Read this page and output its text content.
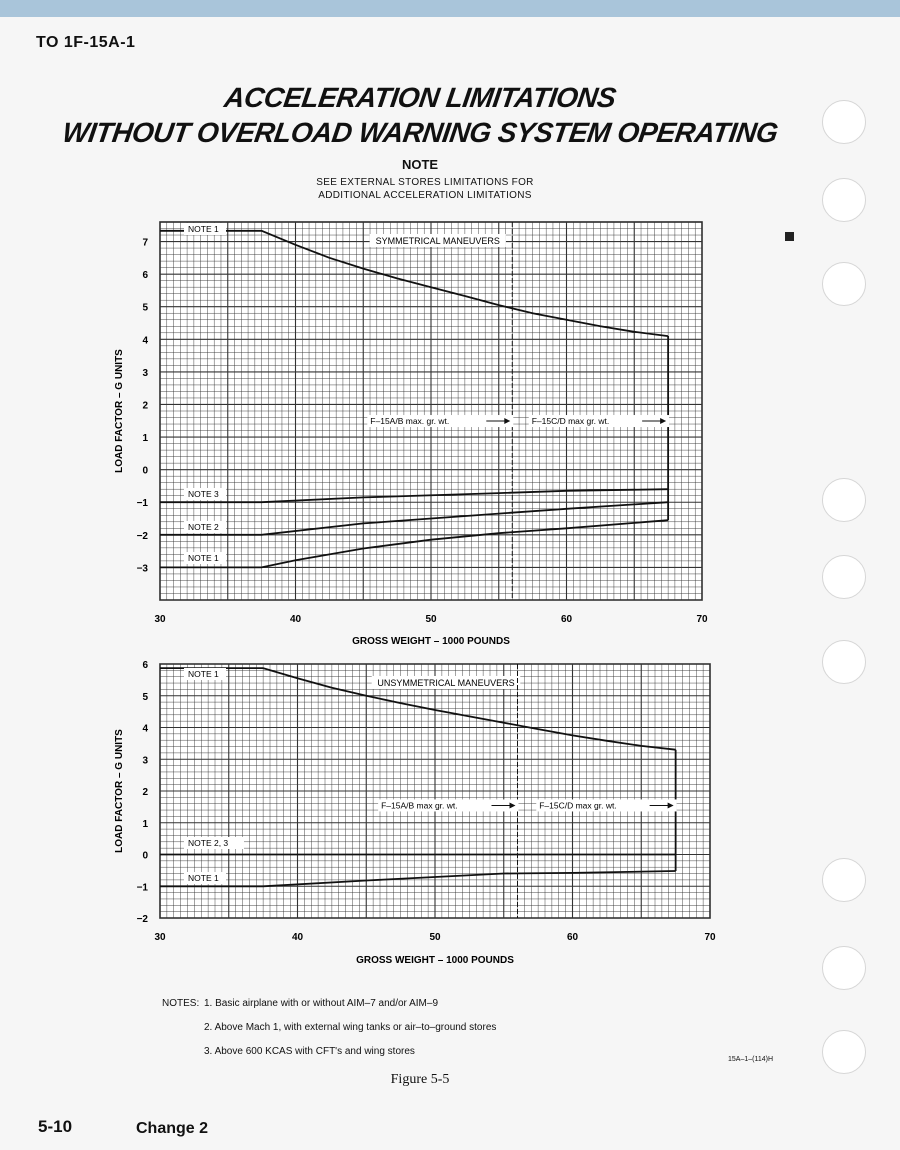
TO 1F-15A-1
ACCELERATION LIMITATIONS
WITHOUT OVERLOAD WARNING SYSTEM OPERATING
NOTE
SEE EXTERNAL STORES LIMITATIONS FOR
ADDITIONAL ACCELERATION LIMITATIONS
30	40	50	60	70
−3
−2
−1
0
1
2
3
4
5
6
7
GROSS WEIGHT – 1000 POUNDS
LOAD FACTOR – G UNITS
SYMMETRICAL MANEUVERS
NOTE 1
NOTE 3
NOTE 2
NOTE 1
F–15A/B max. gr. wt.	F–15C/D max gr. wt.
30	40	50	60	70
−2
−1
0
1
2
3
4
5
6
GROSS WEIGHT – 1000 POUNDS
LOAD FACTOR – G UNITS
UNSYMMETRICAL MANEUVERS
NOTE 1
NOTE 2, 3
NOTE 1
F–15A/B max gr. wt.	F–15C/D max gr. wt.
NOTES: 1. Basic airplane with or without AIM–7 and/or AIM–9
2. Above Mach 1, with external wing tanks or air–to–ground stores
3. Above 600 KCAS with CFT's and wing stores
15A–1–(114)H
Figure 5-5
5-10	Change 2
